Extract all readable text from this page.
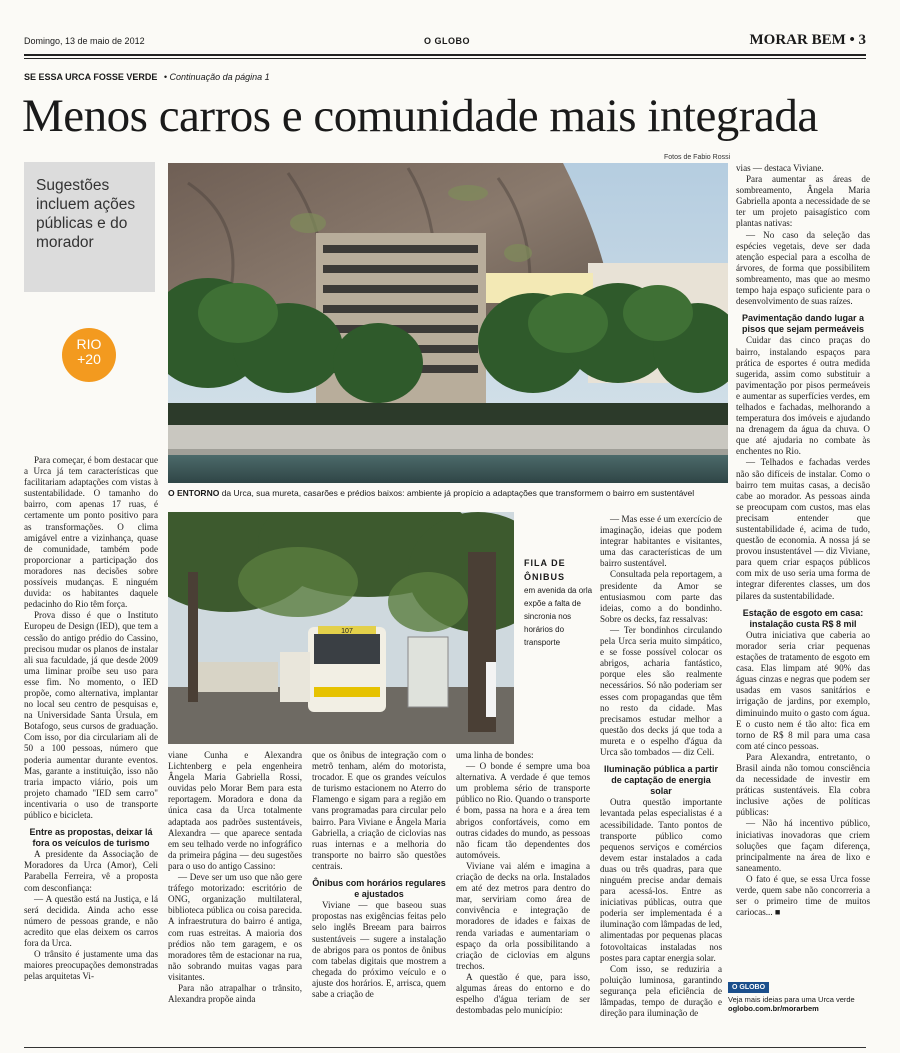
Domingo, 13 de maio de 2012	O GLOBO	MORAR BEM • 3
SE ESSA URCA FOSSE VERDE • Continuação da página 1
Menos carros e comunidade mais integrada
Fotos de Fabio Rossi
Sugestões incluem ações públicas e do morador
RIO
+20
O ENTORNO da Urca, sua mureta, casarões e prédios baixos: ambiente já propício a adaptações que transformem o bairro em sustentável
107
FILA DE ÔNIBUS
em avenida da orla expõe a falta de sincronia nos horários do transporte

Para começar, é bom destacar que a Urca já tem características que facilitariam adaptações com vistas à sustentabilidade. O tamanho do bairro, com apenas 17 ruas, é certamente um ponto positivo para as transformações. O clima amigável entre a vizinhança, quase de comunidade, também pode proporcionar a participação dos moradores nas decisões sobre possíveis mudanças. E ninguém duvida: os habitantes daquele pedacinho do Rio têm força.

Prova disso é que o Instituto Europeu de Design (IED), que tem a cessão do antigo prédio do Cassino, precisou mudar os planos de instalar ali sua faculdade, já que desde 2009 uma liminar proíbe seu uso para esse fim. No momento, o IED propõe, como alternativa, implantar no local seu centro de pesquisas e, na Universidade Santa Úrsula, em Botafogo, seus cursos de graduação. Com isso, por dia circulariam ali de 50 a 100 pessoas, número que poderia aumentar durante eventos. Mas, garante a instituição, isso não traria impacto viário, pois um projeto chamado "IED sem carro" incentivaria o uso de transporte público e bicicleta.

Entre as propostas, deixar lá fora os veículos de turismo

A presidente da Associação de Moradores da Urca (Amor), Celi Parabella Ferreira, vê a proposta com desconfiança:

— A questão está na Justiça, e lá será decidida. Ainda acho esse número de pessoas grande, e não acredito que elas deixem os carros fora da Urca.

O trânsito é justamente uma das maiores preocupações demonstradas pelas arquitetas Vi-

viane Cunha e Alexandra Lichtenberg e pela engenheira Ângela Maria Gabriella Rossi, ouvidas pelo Morar Bem para esta reportagem. Moradora e dona da única casa da Urca totalmente adaptada aos padrões sustentáveis, Alexandra — que aparece sentada em seu telhado verde no infográfico da primeira página — deu sugestões para o uso do antigo Cassino:

— Deve ser um uso que não gere tráfego motorizado: escritório de ONG, organização multilateral, biblioteca pública ou coisa parecida. A infraestrutura do bairro é antiga, com ruas estreitas. A maioria dos prédios não tem garagem, e os moradores têm de estacionar na rua, não sobrando muitas vagas para visitantes.

Para não atrapalhar o trânsito, Alexandra propõe ainda

que os ônibus de integração com o metrô tenham, além do motorista, trocador. E que os grandes veículos de turismo estacionem no Aterro do Flamengo e sigam para a região em vans programadas para circular pelo bairro. Para Viviane e Ângela Maria Gabriella, a criação de ciclovias nas ruas internas e a melhoria do transporte no bairro são questões centrais.

Ônibus com horários regulares e ajustados

Viviane — que baseou suas propostas nas exigências feitas pelo selo inglês Breeam para bairros sustentáveis — sugere a instalação de abrigos para os pontos de ônibus com tabelas digitais que mostrem a chegada do próximo veículo e o ajuste dos horários. E, arrisca, quem sabe a criação de

uma linha de bondes:

— O bonde é sempre uma boa alternativa. A verdade é que temos um problema sério de transporte público no Rio. Quando o transporte é bom, passa na hora e a área tem abrigos confortáveis, como em outras cidades do mundo, as pessoas não ficam tão dependentes dos automóveis.

Viviane vai além e imagina a criação de decks na orla. Instalados em até dez metros para dentro do mar, serviriam como área de convivência e integração de moradores de idades e faixas de renda variadas e aumentariam o espaço da orla possibilitando a criação de ciclovias em alguns trechos.

A questão é que, para isso, algumas áreas do entorno e do espelho d'água teriam de ser destombadas pelo município:

— Mas esse é um exercício de imaginação, ideias que podem integrar habitantes e visitantes, uma das características de um bairro sustentável.

Consultada pela reportagem, a presidente da Amor se entusiasmou com parte das ideias, como a do bondinho. Sobre os decks, faz ressalvas:

— Ter bondinhos circulando pela Urca seria muito simpático, e se fosse possível colocar os abrigos, acharia fantástico, porque eles são realmente necessários. Só não poderiam ser esses com propagandas que têm no resto da cidade. Mas precisamos estudar melhor a questão dos decks já que toda a mureta e o espelho d'água da Urca são tombados — diz Celi.

Iluminação pública a partir de captação de energia solar

Outra questão importante levantada pelas especialistas é a acessibilidade. Tanto pontos de transporte público como pequenos serviços e comércios devem estar instalados a cada duas ou três quadras, para que ninguém precise andar demais para acessá-los. Entre as iniciativas públicas, outra que poderia ser implementada é a iluminação com lâmpadas de led, alimentadas por pequenas placas fotovoltaicas instaladas nos postes para captar energia solar.

Com isso, se reduziria a poluição luminosa, garantindo segurança pela eficiência de lâmpadas, tempo de duração e direção para iluminação de

vias — destaca Viviane.

Para aumentar as áreas de sombreamento, Ângela Maria Gabriella aponta a necessidade de se ter um projeto paisagístico com plantas nativas:

— No caso da seleção das espécies vegetais, deve ser dada atenção especial para a escolha de árvores, de forma que possibilitem sombreamento, mas que ao mesmo tempo haja espaço suficiente para o desenvolvimento de suas raízes.

Pavimentação dando lugar a pisos que sejam permeáveis

Cuidar das cinco praças do bairro, instalando espaços para prática de esportes é outra medida sugerida, assim como substituir a pavimentação por pisos permeáveis e aumentar as superfícies verdes, em telhados e fachadas, melhorando a temperatura dos imóveis e ajudando na drenagem da água da chuva. O que até ajudaria no combate às enchentes no Rio.

— Telhados e fachadas verdes não são difíceis de instalar. Como o bairro tem muitas casas, a decisão cabe ao morador. As pessoas ainda se preocupam com custos, mas elas precisam entender que sustentabilidade é, acima de tudo, questão de economia. A nossa já se provou insustentável — diz Viviane, para quem criar espaços públicos com mix de uso seria uma forma de integrar diferentes classes, um dos pilares da sustentabilidade.

Estação de esgoto em casa: instalação custa R$ 8 mil

Outra iniciativa que caberia ao morador seria criar pequenas estações de tratamento de esgoto em casa. Elas limpam até 90% das águas cinzas e negras que podem ser usadas em vasos sanitários e irrigação de jardins, por exemplo, diminuindo muito o gasto com água. E o custo nem é tão alto: fica em torno de R$ 8 mil para uma casa com até cinco pessoas.

Para Alexandra, entretanto, o Brasil ainda não tomou consciência da necessidade de investir em práticas sustentáveis. Ela cobra inclusive ações de políticas públicas:

— Não há incentivo público, iniciativas inovadoras que criem soluções que façam diferença, principalmente na área de lixo e saneamento.

O fato é que, se essa Urca fosse verde, quem sabe não concorreria a ser o primeiro time de muitos cariocas... ■

O GLOBO
Veja mais ideias para uma Urca verde
oglobo.com.br/morarbem
